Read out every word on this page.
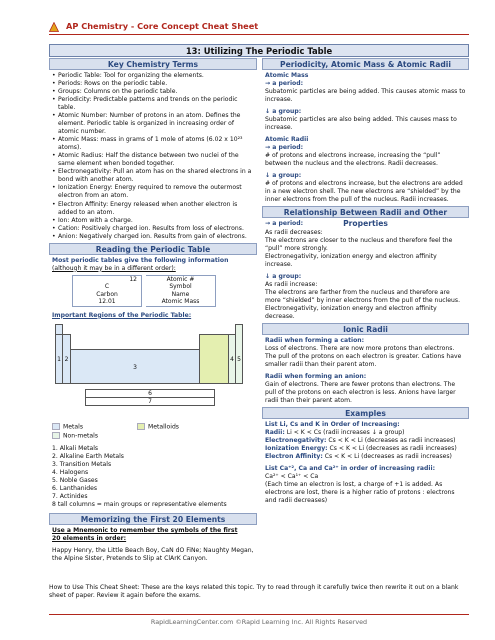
AP Chemistry - Core Concept Cheat Sheet
13: Utilizing The Periodic Table
Key Chemistry Terms
• Periodic Table: Tool for organizing the elements.
• Periods: Rows on the periodic table.
• Groups: Columns on the periodic table.
• Periodicity: Predictable patterns and trends on the periodic table.
• Atomic Number: Number of protons in an atom. Defines the element. Periodic table is organized in increasing order of atomic number.
• Atomic Mass: mass in grams of 1 mole of atoms (6.02 x 10²³ atoms).
• Atomic Radius: Half the distance between two nuclei of the same element when bonded together.
• Electronegativity: Pull an atom has on the shared electrons in a bond with another atom.
• Ionization Energy: Energy required to remove the outermost electron from an atom.
• Electron Affinity: Energy released when another electron is added to an atom.
• Ion: Atom with a charge.
• Cation: Positively charged ion. Results from loss of electrons.
• Anion: Negatively charged ion. Results from gain of electrons.
Reading the Periodic Table
Most periodic tables give the following information
(although it may be in a different order):
12
C
Carbon
12.01
Atomic #
Symbol
Name
Atomic Mass
Important Regions of the Periodic Table:
1 2
3
4 5
6
7
Metals	Metalloids
Non-metals
1. Alkali Metals
2. Alkaline Earth Metals
3. Transition Metals
4. Halogens
5. Noble Gases
6. Lanthanides
7. Actinides
8 tall columns = main groups or representative elements
Memorizing the First 20 Elements
Use a Mnemonic to remember the symbols of the first
20 elements in order:
Happy Henry, the Little Beach Boy, CaN dO FiNe; Naughty Megan, the Alpine SIster, Pretends to Slip at ClArK Canyon.
Periodicity, Atomic Mass & Atomic Radii
Atomic Mass
→ a period:
Subatomic particles are being added. This causes atomic mass to increase.
↓ a group:
Subatomic particles are also being added. This causes mass to increase.
Atomic Radii
→ a period:
# of protons and electrons increase, increasing the “pull” between the nucleus and the electrons. Radii decreases.
↓ a group:
# of protons and electrons increase, but the electrons are added in a new electron shell. The new electrons are “shielded” by the inner electrons from the pull of the nucleus. Radii increases.
Relationship Between Radii and Other Properties
→ a period:
As radii decreases:
The electrons are closer to the nucleus and therefore feel the “pull” more strongly.
Electronegativity, ionization energy and electron affinity increase.
↓ a group:
As radii increase:
The electrons are farther from the nucleus and therefore are more “shielded” by inner electrons from the pull of the nucleus.
Electronegativity, ionization energy and electron affinity decrease.
Ionic Radii
Radii when forming a cation:
Loss of electrons. There are now more protons than electrons. The pull of the protons on each electron is greater. Cations have smaller radii than their parent atom.
Radii when forming an anion:
Gain of electrons. There are fewer protons than electrons. The pull of the protons on each electron is less. Anions have larger radii than their parent atom.
Examples
List Li, Cs and K in Order of Increasing:
Radii: Li < K < Cs (radii increases ↓ a group)
Electronegativity: Cs < K < Li (decreases as radii increases)
Ionization Energy: Cs < K < Li (decreases as radii increases)
Electron Affinity: Cs < K < Li (decreases as radii increases)
List Ca⁺², Ca and Ca²⁺ in order of increasing radii:
Ca²⁺ < Ca¹⁺ < Ca
(Each time an electron is lost, a charge of +1 is added. As electrons are lost, there is a higher ratio of protons : electrons and radii decreases)
How to Use This Cheat Sheet: These are the keys related this topic. Try to read through it carefully twice then rewrite it out on a blank sheet of paper. Review it again before the exams.
RapidLearningCenter.com ©Rapid Learning Inc. All Rights Reserved
